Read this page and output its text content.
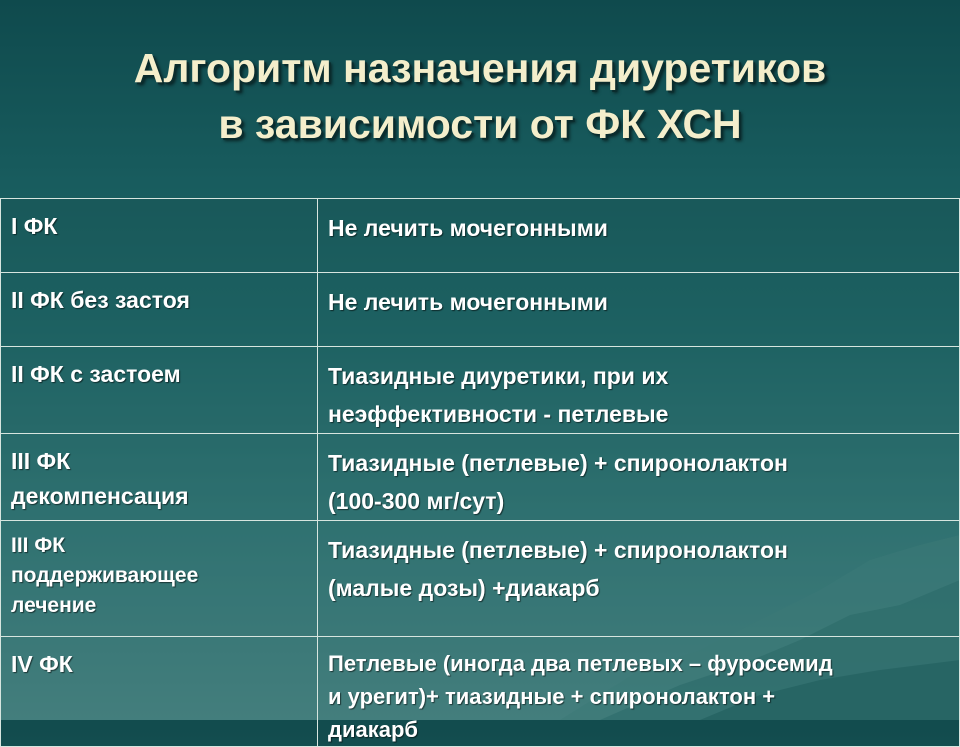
Алгоритм назначения диуретиков
в зависимости от ФК ХСН
I ФК	Не лечить мочегонными
II ФК без застоя	Не лечить мочегонными
II ФК с застоем	Тиазидные диуретики, при их
неэффективности - петлевые

III ФК
декомпенсация	Тиазидные (петлевые) + спиронолактон
(100-300 мг/сут)

III ФК
поддерживающее
лечение	Тиазидные (петлевые) + спиронолактон
(малые дозы) +диакарб

IV ФК	Петлевые (иногда два петлевых – фуросемид
и урегит)+ тиазидные + спиронолактон +
диакарб
